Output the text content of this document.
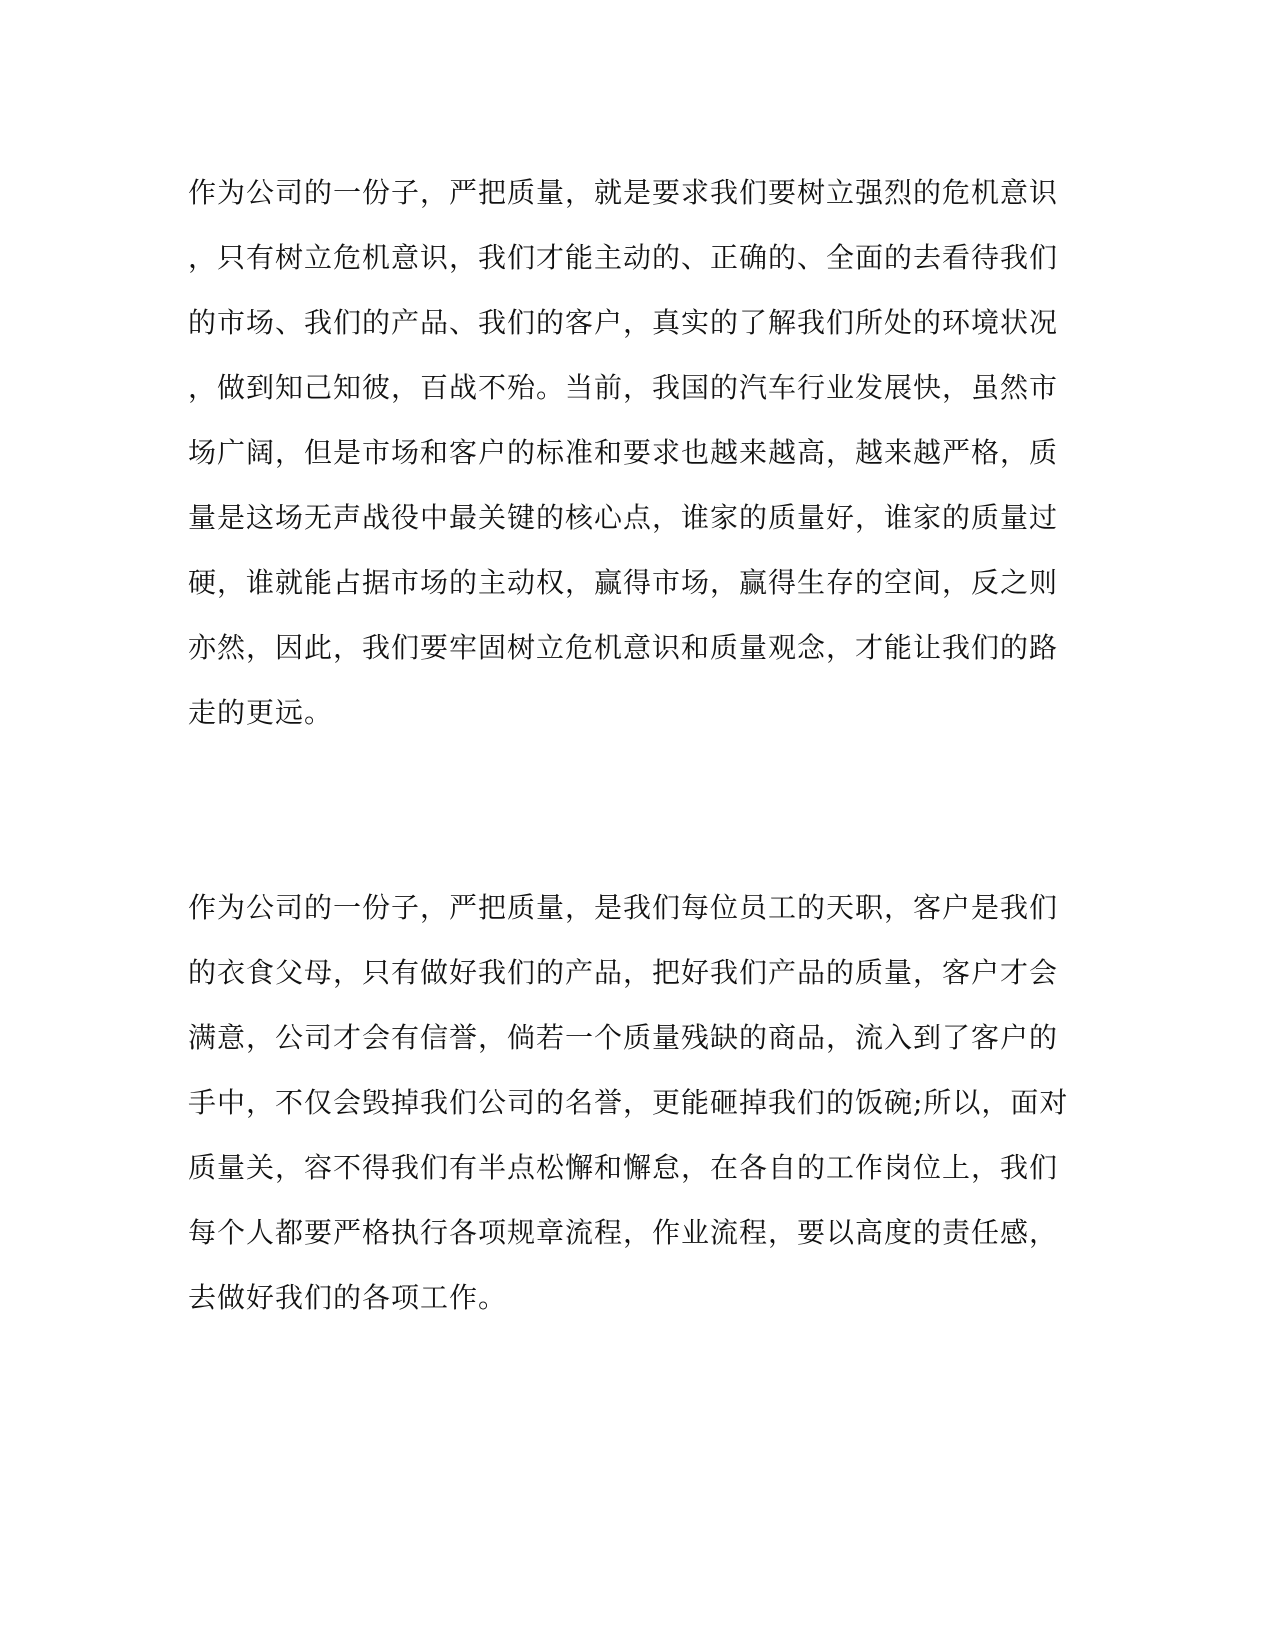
作为公司的一份子，严把质量，就是要求我们要树立强烈的危机意识
，只有树立危机意识，我们才能主动的、正确的、全面的去看待我们
的市场、我们的产品、我们的客户，真实的了解我们所处的环境状况
，做到知己知彼，百战不殆。当前，我国的汽车行业发展快，虽然市
场广阔，但是市场和客户的标准和要求也越来越高，越来越严格，质
量是这场无声战役中最关键的核心点，谁家的质量好，谁家的质量过
硬，谁就能占据市场的主动权，赢得市场，赢得生存的空间，反之则
亦然，因此，我们要牢固树立危机意识和质量观念，才能让我们的路
走的更远。
作为公司的一份子，严把质量，是我们每位员工的天职，客户是我们
的衣食父母，只有做好我们的产品，把好我们产品的质量，客户才会
满意，公司才会有信誉，倘若一个质量残缺的商品，流入到了客户的
手中，不仅会毁掉我们公司的名誉，更能砸掉我们的饭碗;所以，面对
质量关，容不得我们有半点松懈和懈怠，在各自的工作岗位上，我们
每个人都要严格执行各项规章流程，作业流程，要以高度的责任感，
去做好我们的各项工作。
